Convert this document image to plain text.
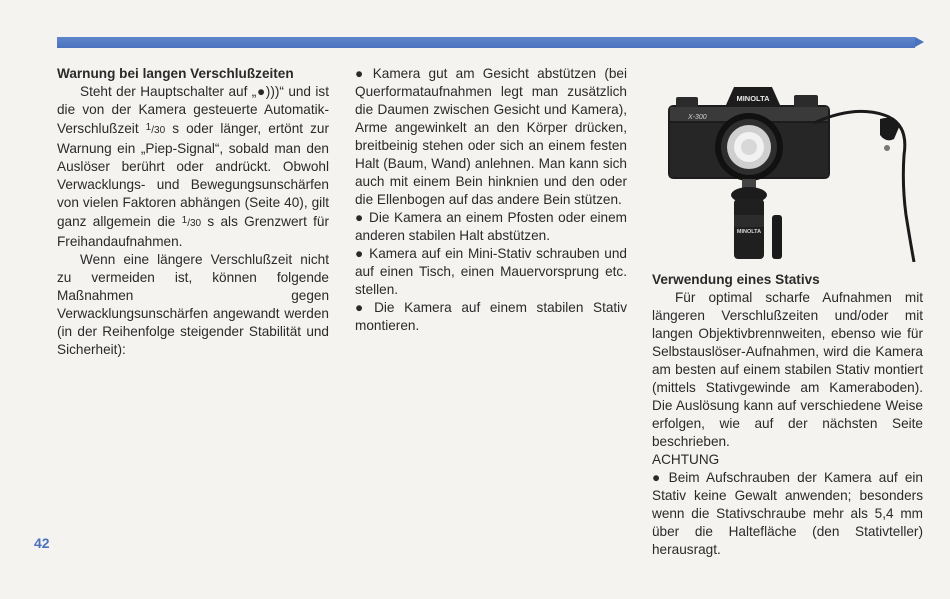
Warnung bei langen Verschlußzeiten

Steht der Hauptschalter auf „●)))“ und ist die von der Kamera gesteuerte Automatik-Verschlußzeit $^1$/30 s oder länger, ertönt zur Warnung ein „Piep-Signal“, sobald man den Auslöser berührt oder andrückt. Obwohl Verwacklungs- und Bewegungsunschärfen von vielen Faktoren abhängen (Seite 40), gilt ganz allgemein die $^1$/30 s als Grenzwert für Freihandaufnahmen.

Wenn eine längere Verschlußzeit nicht zu vermeiden ist, können folgende Maßnahmen gegen Verwacklungsunschärfen angewandt werden (in der Reihenfolge steigender Stabilität und Sicherheit):

● Kamera gut am Gesicht abstützen (bei Querformataufnahmen legt man zusätzlich die Daumen zwischen Gesicht und Kamera), Arme angewinkelt an den Körper drücken, breitbeinig stehen oder sich an einem festen Halt (Baum, Wand) anlehnen. Man kann sich auch mit einem Bein hinknien und den oder die Ellenbogen auf das andere Bein stützen.

● Die Kamera an einem Pfosten oder einem anderen stabilen Halt abstützen.

● Kamera auf ein Mini-Stativ schrauben und auf einen Tisch, einen Mauervorsprung etc. stellen.

● Die Kamera auf einem stabilen Stativ montieren.

MINOLTA
X-300
MINOLTA
Verwendung eines Stativs

Für optimal scharfe Aufnahmen mit längeren Verschlußzeiten und/oder mit langen Objektivbrennweiten, ebenso wie für Selbstauslöser-Aufnahmen, wird die Kamera am besten auf einem stabilen Stativ montiert (mittels Stativgewinde am Kameraboden). Die Auslösung kann auf verschiedene Weise erfolgen, wie auf der nächsten Seite beschrieben.

ACHTUNG

● Beim Aufschrauben der Kamera auf ein Stativ keine Gewalt anwenden; besonders wenn die Stativschraube mehr als 5,4 mm über die Haltefläche (den Stativteller) herausragt.

42
